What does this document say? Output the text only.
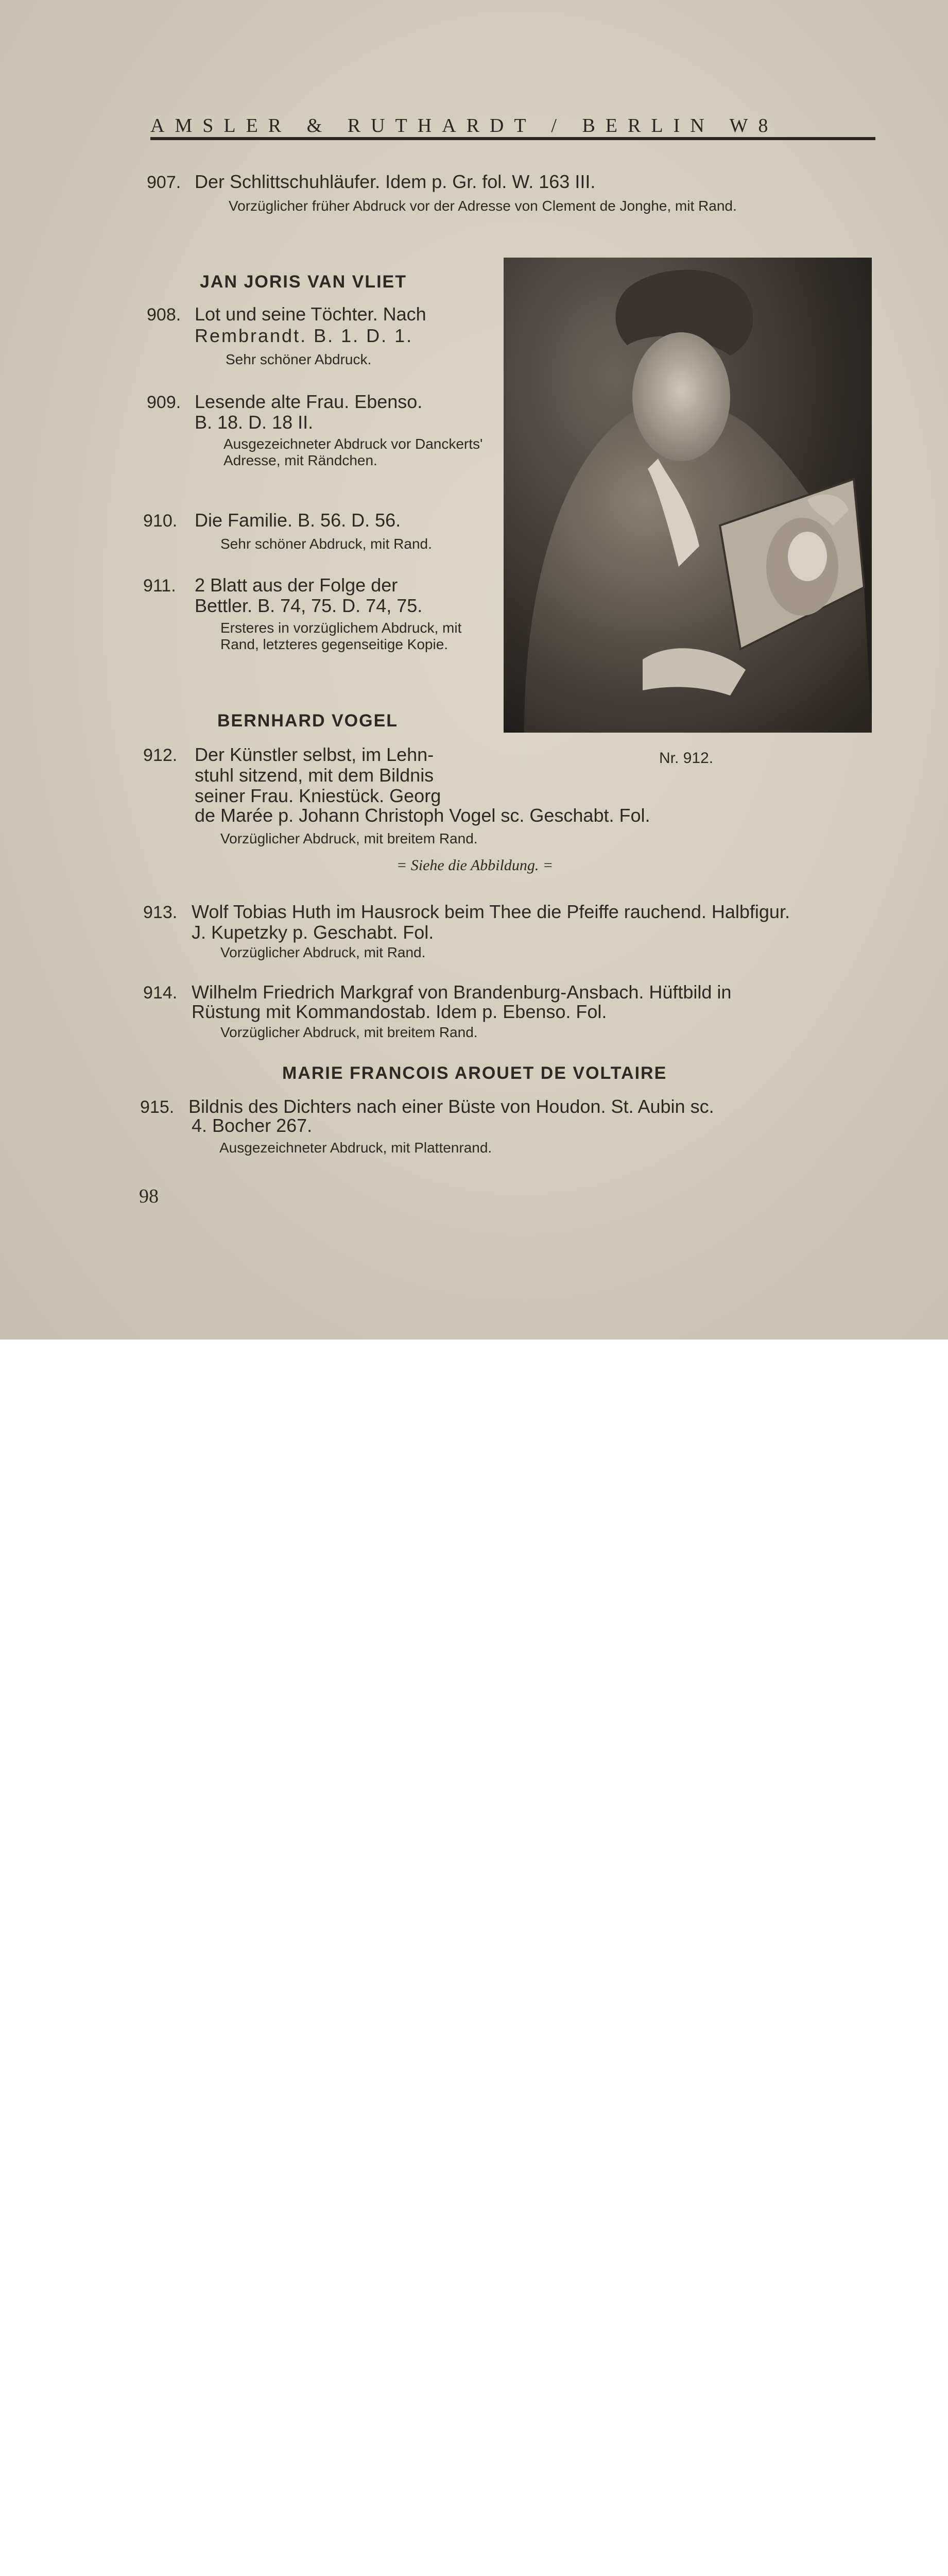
AMSLER & RUTHARDT / BERLIN W8
907. Der Schlittschuhläufer. Idem p. Gr. fol. W. 163 III.
Vorzüglicher früher Abdruck vor der Adresse von Clement de Jonghe, mit Rand.
JAN JORIS VAN VLIET
908. Lot und seine Töchter. Nach
Rembrandt. B. 1. D. 1.
Sehr schöner Abdruck.
909. Lesende alte Frau. Ebenso.
B. 18. D. 18 II.
Ausgezeichneter Abdruck vor Danckerts' Adresse, mit Rändchen.
910. Die Familie. B. 56. D. 56.
Sehr schöner Abdruck, mit Rand.
911. 2 Blatt aus der Folge der
Bettler. B. 74, 75. D. 74, 75.
Ersteres in vorzüglichem Abdruck, mit Rand, letzteres gegenseitige Kopie.
BERNHARD VOGEL
912. Der Künstler selbst, im Lehn-
stuhl sitzend, mit dem Bildnis
seiner Frau. Kniestück. Georg
de Marée p. Johann Christoph Vogel sc. Geschabt. Fol.
Vorzüglicher Abdruck, mit breitem Rand.
Nr. 912.
= Siehe die Abbildung. =
913. Wolf Tobias Huth im Hausrock beim Thee die Pfeiffe rauchend. Halbfigur.
J. Kupetzky p. Geschabt. Fol.
Vorzüglicher Abdruck, mit Rand.
914. Wilhelm Friedrich Markgraf von Brandenburg-Ansbach. Hüftbild in
Rüstung mit Kommandostab. Idem p. Ebenso. Fol.
Vorzüglicher Abdruck, mit breitem Rand.
MARIE FRANCOIS AROUET DE VOLTAIRE
915. Bildnis des Dichters nach einer Büste von Houdon. St. Aubin sc.
4. Bocher 267.
Ausgezeichneter Abdruck, mit Plattenrand.
98
